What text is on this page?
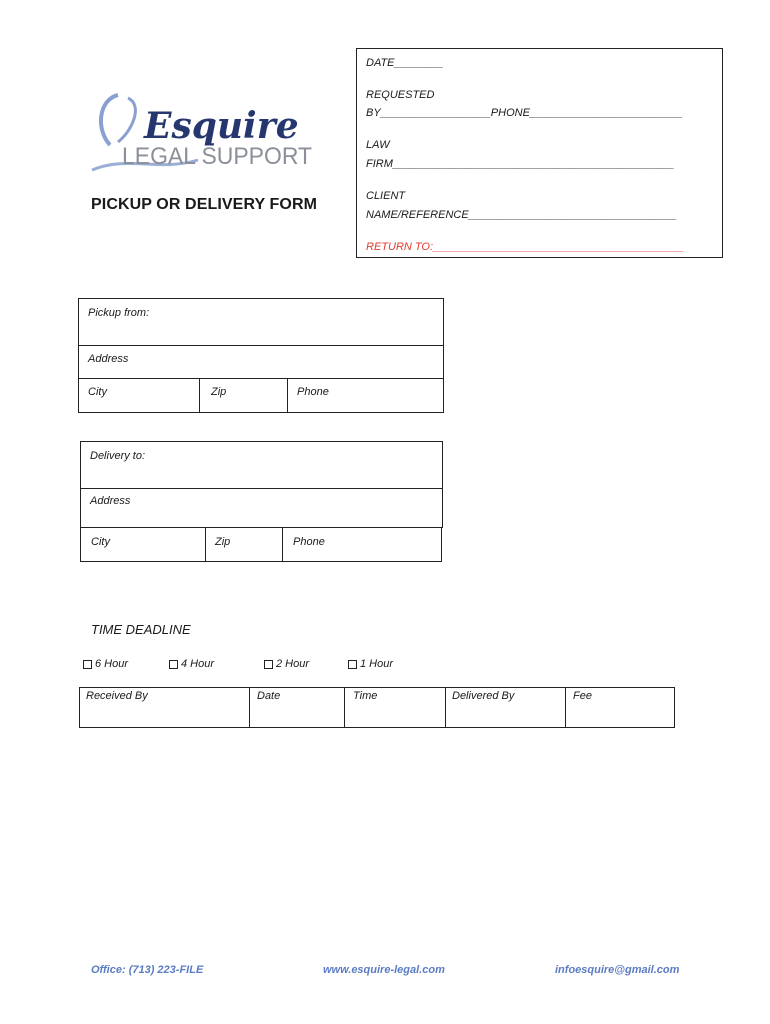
Esquire
LEGAL SUPPORT
PICKUP OR DELIVERY FORM
DATE________
REQUESTED
BY__________________PHONE_________________________
LAW
FIRM______________________________________________
CLIENT
NAME/REFERENCE__________________________________
RETURN TO:_________________________________________
Pickup from:
Address
City	Zip	Phone
Delivery to:
Address
City	Zip	Phone
TIME DEADLINE
6 Hour	4 Hour	2 Hour	1 Hour
Received By	Date	Time	Delivered By	Fee
Office: (713) 223-FILE	www.esquire-legal.com	infoesquire@gmail.com
